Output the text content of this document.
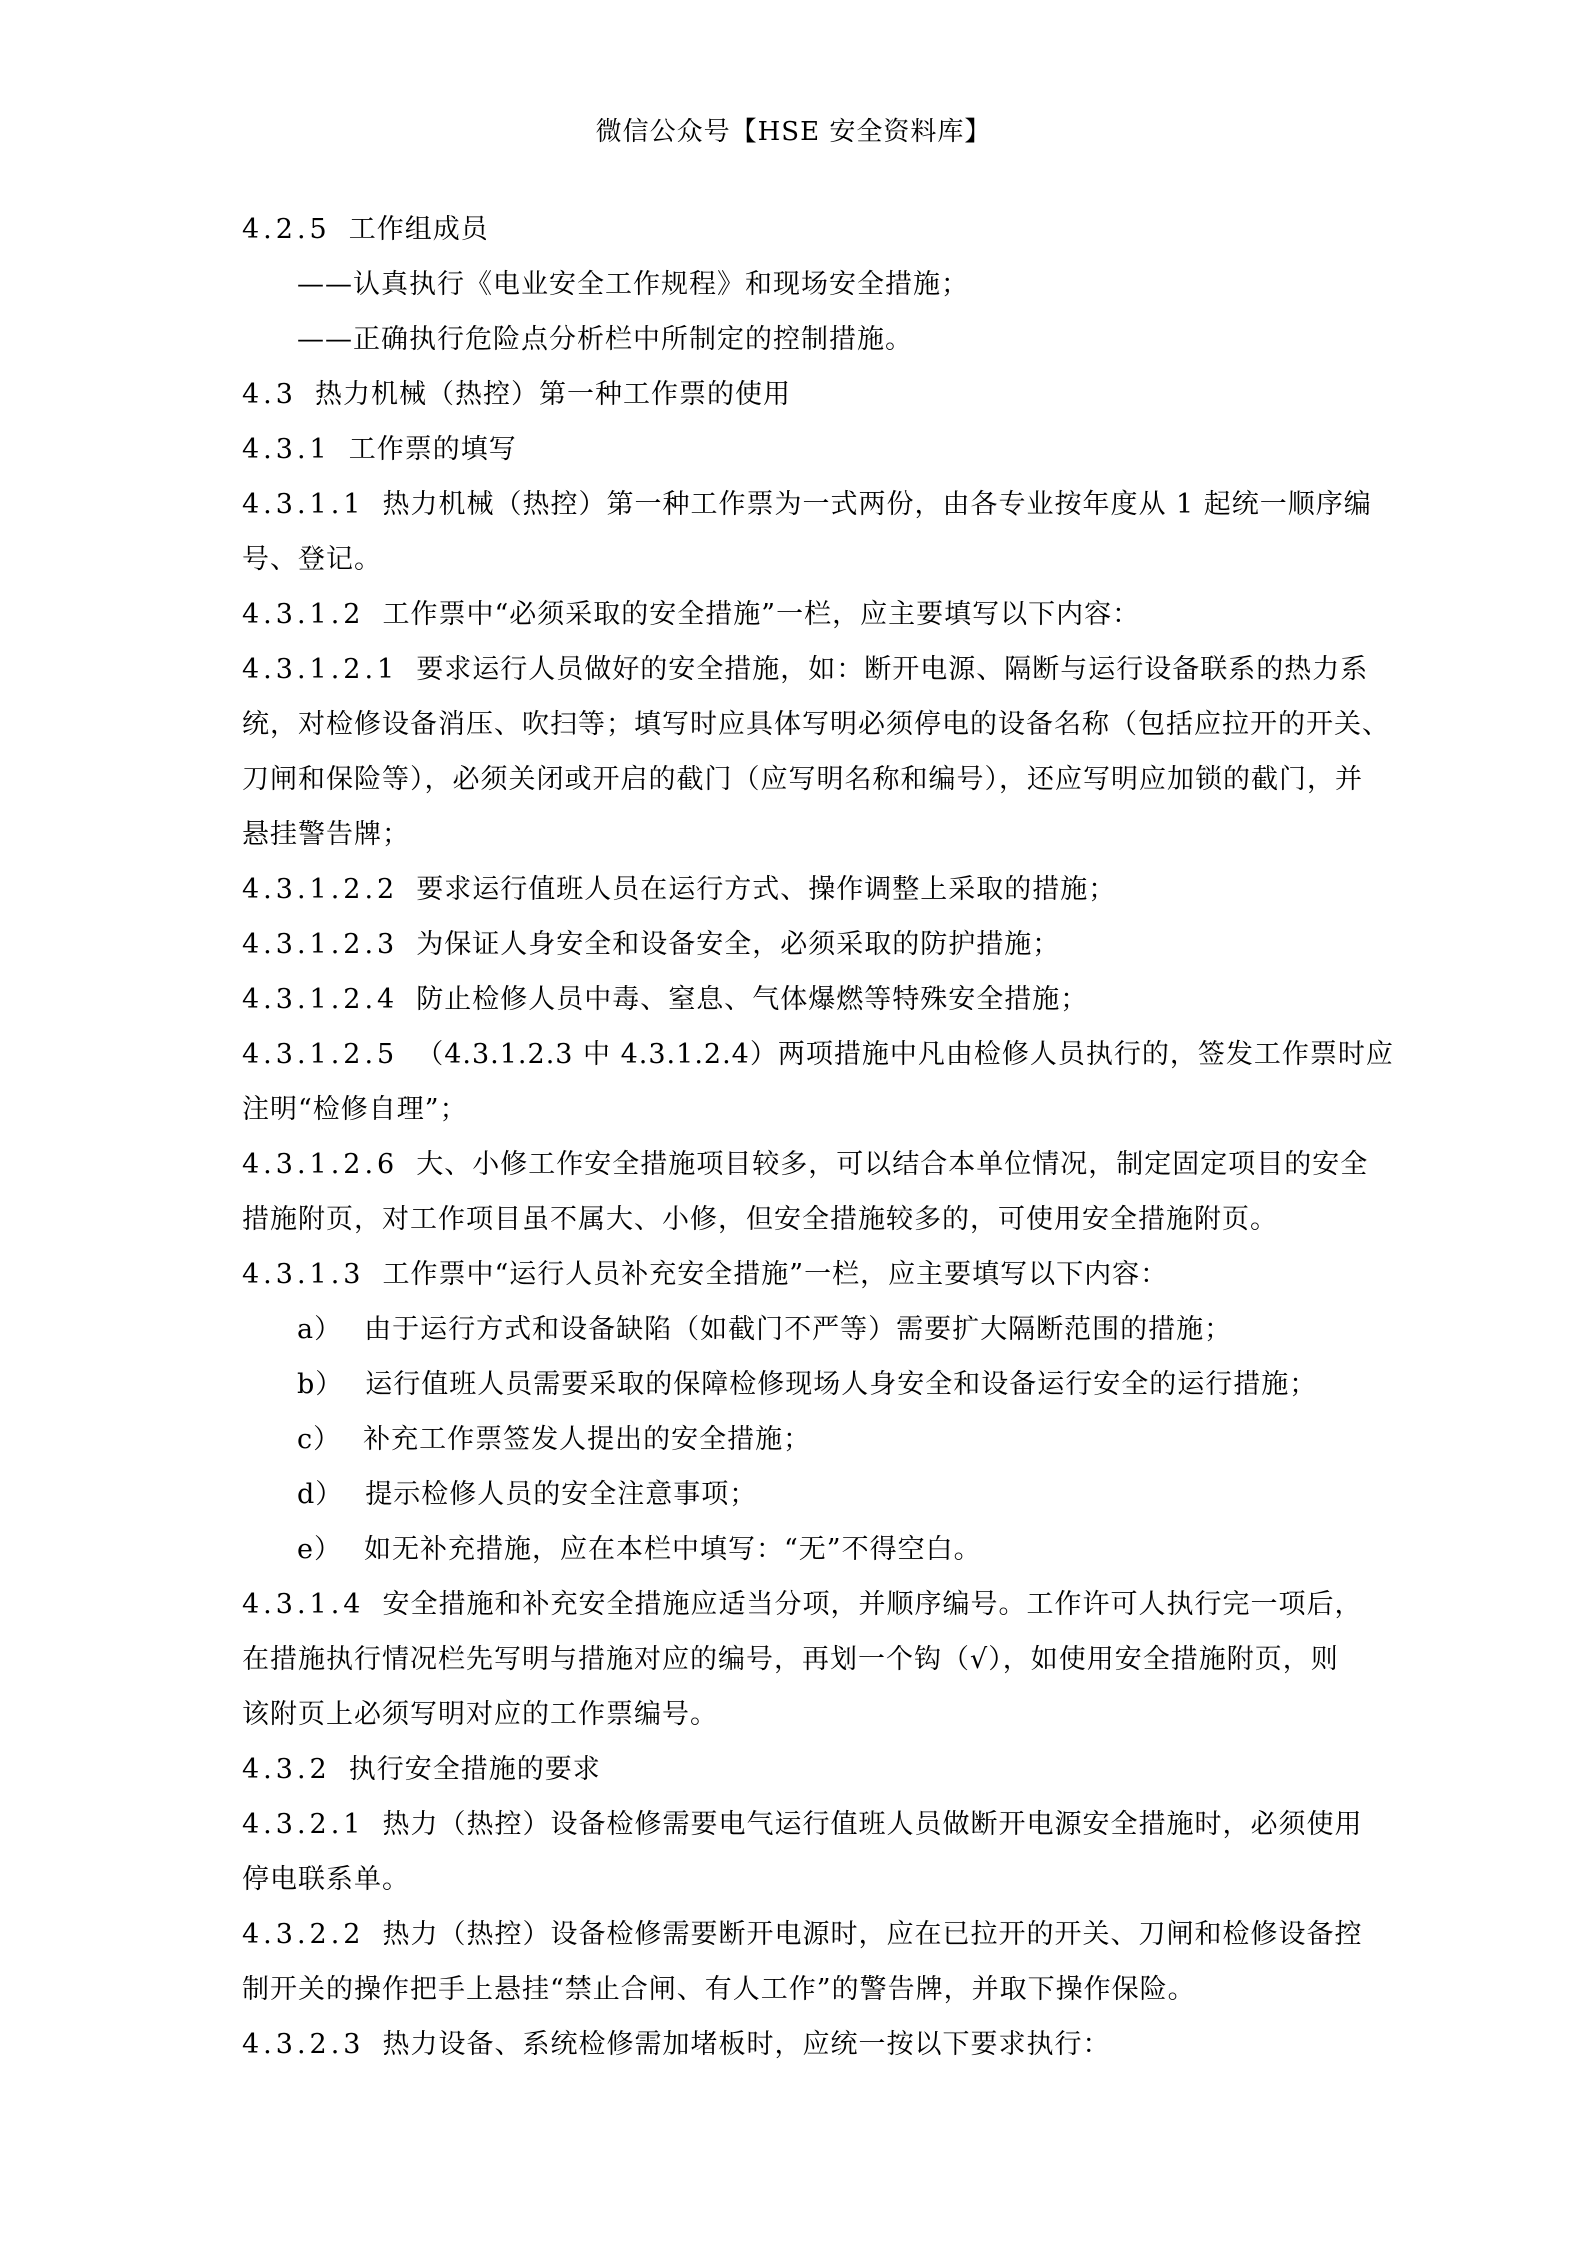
微信公众号【HSE 安全资料库】
4.2.5 工作组成员
——认真执行《电业安全工作规程》和现场安全措施；
——正确执行危险点分析栏中所制定的控制措施。
4.3 热力机械（热控）第一种工作票的使用
4.3.1 工作票的填写
4.3.1.1 热力机械（热控）第一种工作票为一式两份，由各专业按年度从 1 起统一顺序编
号、登记。
4.3.1.2 工作票中“必须采取的安全措施”一栏，应主要填写以下内容：
4.3.1.2.1 要求运行人员做好的安全措施，如：断开电源、隔断与运行设备联系的热力系
统，对检修设备消压、吹扫等；填写时应具体写明必须停电的设备名称（包括应拉开的开关、
刀闸和保险等），必须关闭或开启的截门（应写明名称和编号），还应写明应加锁的截门，并
悬挂警告牌；
4.3.1.2.2 要求运行值班人员在运行方式、操作调整上采取的措施；
4.3.1.2.3 为保证人身安全和设备安全，必须采取的防护措施；
4.3.1.2.4 防止检修人员中毒、窒息、气体爆燃等特殊安全措施；
4.3.1.2.5 （4.3.1.2.3 中 4.3.1.2.4）两项措施中凡由检修人员执行的，签发工作票时应
注明“检修自理”；
4.3.1.2.6 大、小修工作安全措施项目较多，可以结合本单位情况，制定固定项目的安全
措施附页，对工作项目虽不属大、小修，但安全措施较多的，可使用安全措施附页。
4.3.1.3 工作票中“运行人员补充安全措施”一栏，应主要填写以下内容：
a） 由于运行方式和设备缺陷（如截门不严等）需要扩大隔断范围的措施；
b） 运行值班人员需要采取的保障检修现场人身安全和设备运行安全的运行措施；
c） 补充工作票签发人提出的安全措施；
d） 提示检修人员的安全注意事项；
e） 如无补充措施，应在本栏中填写：“无”不得空白。
4.3.1.4 安全措施和补充安全措施应适当分项，并顺序编号。工作许可人执行完一项后，
在措施执行情况栏先写明与措施对应的编号，再划一个钩（√），如使用安全措施附页，则
该附页上必须写明对应的工作票编号。
4.3.2 执行安全措施的要求
4.3.2.1 热力（热控）设备检修需要电气运行值班人员做断开电源安全措施时，必须使用
停电联系单。
4.3.2.2 热力（热控）设备检修需要断开电源时，应在已拉开的开关、刀闸和检修设备控
制开关的操作把手上悬挂“禁止合闸、有人工作”的警告牌，并取下操作保险。
4.3.2.3 热力设备、系统检修需加堵板时，应统一按以下要求执行：
